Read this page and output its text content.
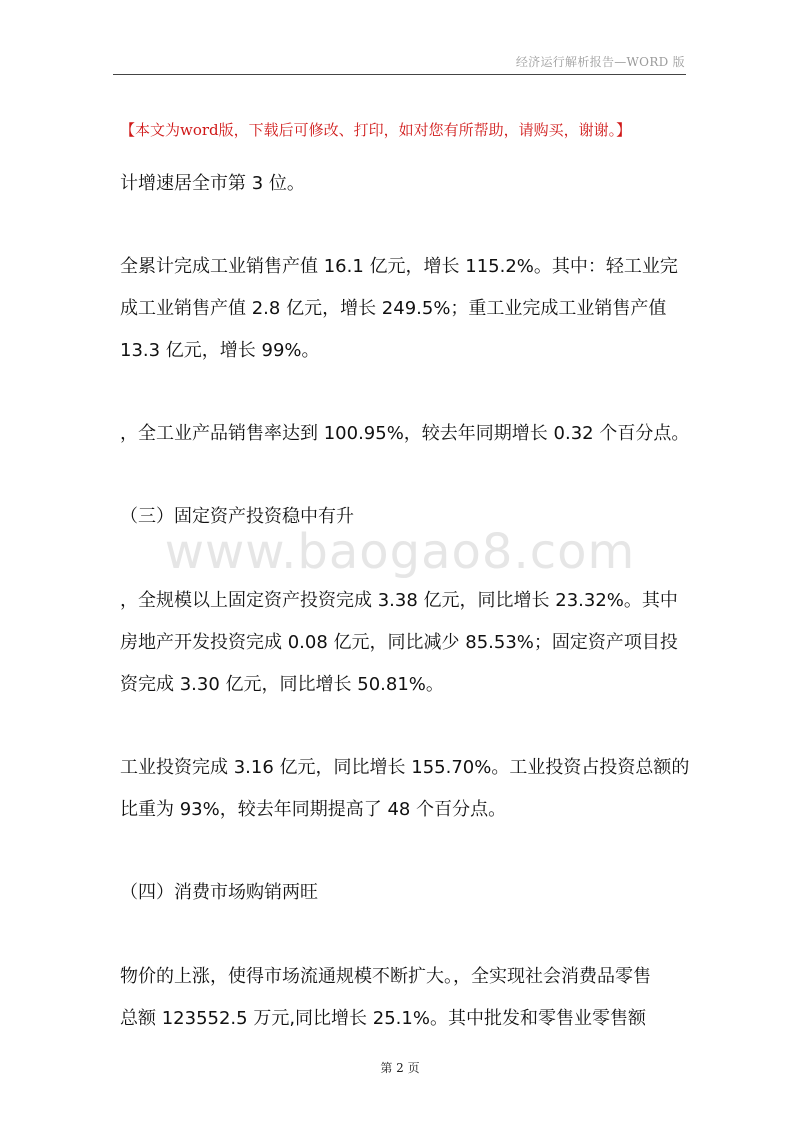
经济运行解析报告—WORD 版
【本文为word版，下载后可修改、打印，如对您有所帮助，请购买，谢谢。】
www.baogao8.com
计增速居全市第 3 位。
全累计完成工业销售产值 16.1 亿元，增长 115.2%。其中：轻工业完
成工业销售产值 2.8 亿元，增长 249.5%；重工业完成工业销售产值
13.3 亿元，增长 99%。
，全工业产品销售率达到 100.95%，较去年同期增长 0.32 个百分点。
（三）固定资产投资稳中有升
，全规模以上固定资产投资完成 3.38 亿元，同比增长 23.32%。其中
房地产开发投资完成 0.08 亿元，同比减少 85.53%；固定资产项目投
资完成 3.30 亿元，同比增长 50.81%。
工业投资完成 3.16 亿元，同比增长 155.70%。工业投资占投资总额的
比重为 93%，较去年同期提高了 48 个百分点。
（四）消费市场购销两旺
物价的上涨，使得市场流通规模不断扩大。，全实现社会消费品零售
总额 123552.5 万元,同比增长 25.1%。其中批发和零售业零售额
第 2 页
